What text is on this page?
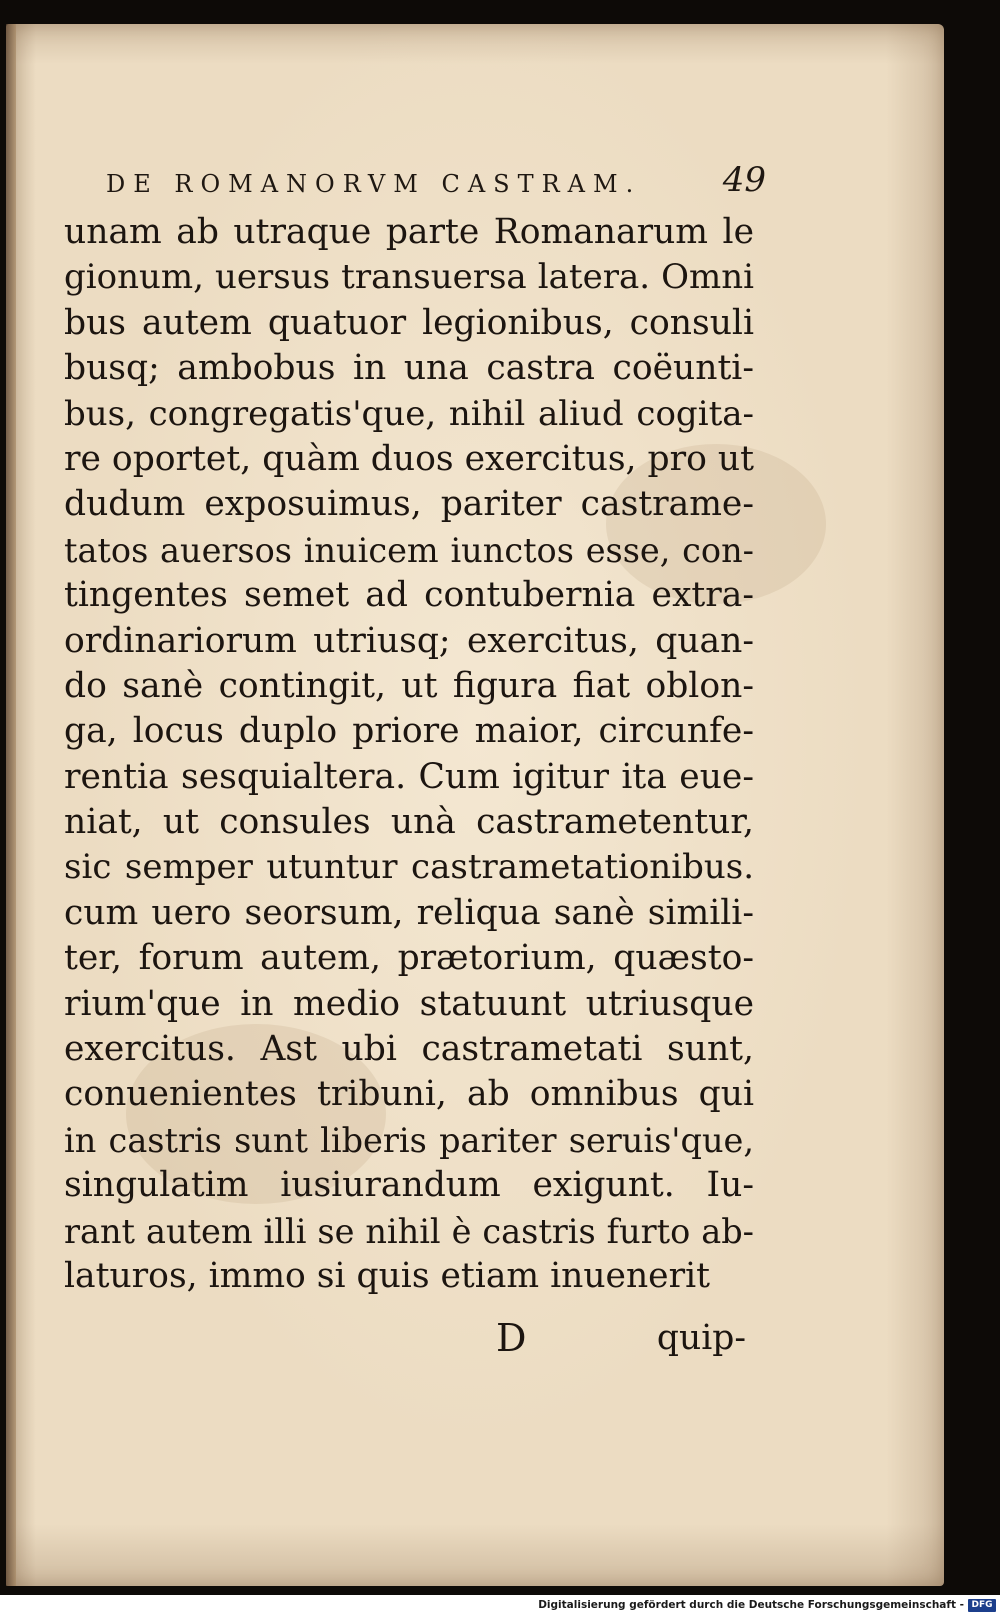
DE ROMANORVM CASTRAM. 49
unam ab utraque parte Romanarum le
gionum, uersus transuersa latera. Omni
bus autem quatuor legionibus, consuli
busq; ambobus in una castra coëunti-
bus, congregatis'que, nihil aliud cogita-
re oportet, quàm duos exercitus, pro ut
dudum exposuimus, pariter castrame-
tatos auersos inuicem iunctos esse, con-
tingentes semet ad contubernia extra-
ordinariorum utriusq; exercitus, quan-
do sanè contingit, ut figura fiat oblon-
ga, locus duplo priore maior, circunfe-
rentia sesquialtera. Cum igitur ita eue-
niat, ut consules unà castrametentur,
sic semper utuntur castrametationibus.
cum uero seorsum, reliqua sanè simili-
ter, forum autem, prætorium, quæsto-
rium'que in medio statuunt utriusque
exercitus. Ast ubi castrametati sunt,
conuenientes tribuni, ab omnibus qui
in castris sunt liberis pariter seruis'que,
singulatim iusiurandum exigunt. Iu-
rant autem illi se nihil è castris furto ab-
laturos, immo si quis etiam inuenerit
D	quip-
Digitalisierung gefördert durch die Deutsche Forschungsgemeinschaft - DFG
